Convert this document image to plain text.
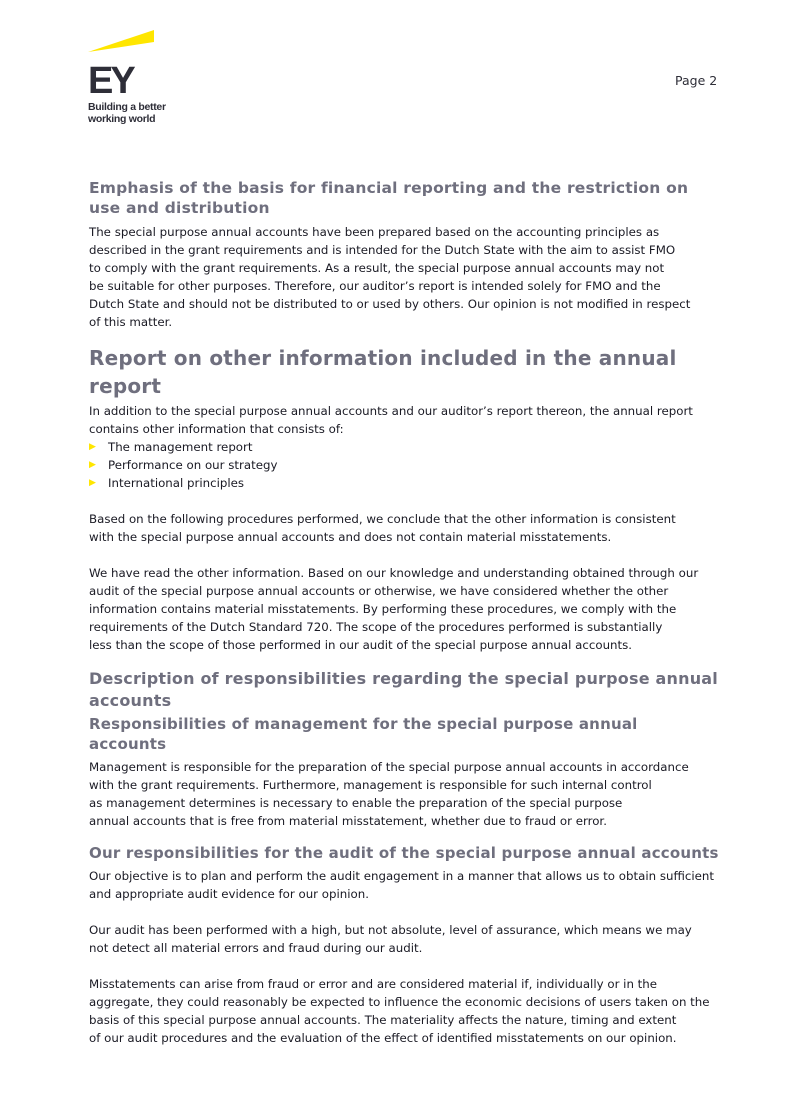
EY
Building a better working world
Page 2
Emphasis of the basis for financial reporting and the restriction on use and distribution

The special purpose annual accounts have been prepared based on the accounting principles as
described in the grant requirements and is intended for the Dutch State with the aim to assist FMO
to comply with the grant requirements. As a result, the special purpose annual accounts may not
be suitable for other purposes. Therefore, our auditor’s report is intended solely for FMO and the
Dutch State and should not be distributed to or used by others. Our opinion is not modified in respect
of this matter.

Report on other information included in the annual report

In addition to the special purpose annual accounts and our auditor’s report thereon, the annual report
contains other information that consists of:

▶ The management report
▶ Performance on our strategy
▶ International principles

Based on the following procedures performed, we conclude that the other information is consistent
with the special purpose annual accounts and does not contain material misstatements.

We have read the other information. Based on our knowledge and understanding obtained through our
audit of the special purpose annual accounts or otherwise, we have considered whether the other
information contains material misstatements. By performing these procedures, we comply with the
requirements of the Dutch Standard 720. The scope of the procedures performed is substantially
less than the scope of those performed in our audit of the special purpose annual accounts.

Description of responsibilities regarding the special purpose annual accounts
Responsibilities of management for the special purpose annual accounts

Management is responsible for the preparation of the special purpose annual accounts in accordance
with the grant requirements. Furthermore, management is responsible for such internal control
as management determines is necessary to enable the preparation of the special purpose
annual accounts that is free from material misstatement, whether due to fraud or error.

Our responsibilities for the audit of the special purpose annual accounts

Our objective is to plan and perform the audit engagement in a manner that allows us to obtain sufficient
and appropriate audit evidence for our opinion.

Our audit has been performed with a high, but not absolute, level of assurance, which means we may
not detect all material errors and fraud during our audit.

Misstatements can arise from fraud or error and are considered material if, individually or in the
aggregate, they could reasonably be expected to influence the economic decisions of users taken on the
basis of this special purpose annual accounts. The materiality affects the nature, timing and extent
of our audit procedures and the evaluation of the effect of identified misstatements on our opinion.
